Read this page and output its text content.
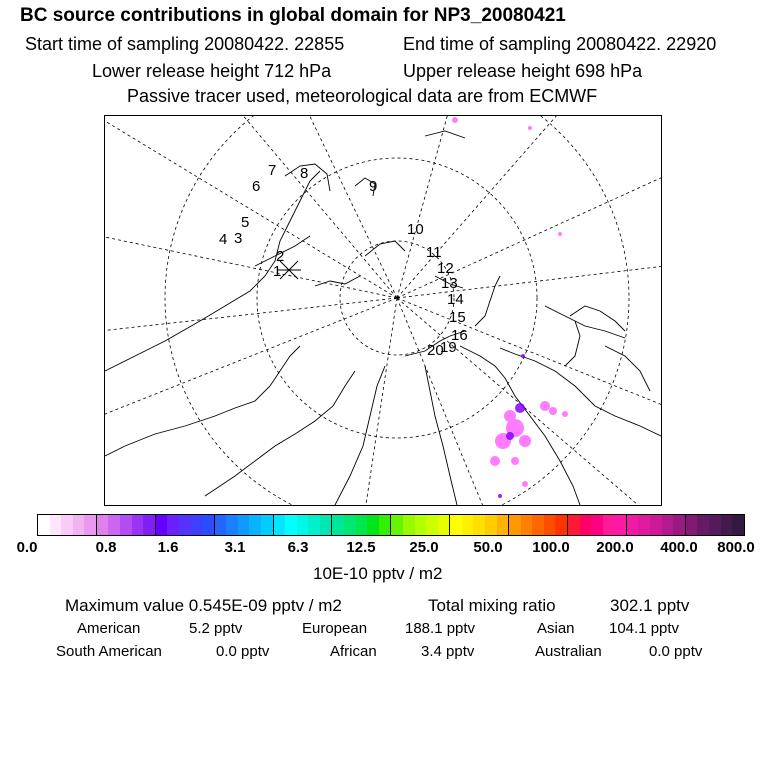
BC source contributions in global domain for NP3_20080421
Start time of sampling 20080422. 22855	End time of sampling 20080422. 22920
Lower release height 712 hPa	Upper release height 698 hPa
Passive tracer used, meteorological data are from ECMWF
1
2
3
4
5
6
7 8
9
10
11
12
13
14
15
16
19
20
0.0	0.8	1.6	3.1	6.3	12.5 25.0 50.0 100.0 200.0 400.0 800.0
10E-10 pptv / m2
Maximum value 0.545E-09 pptv / m2	Total mixing ratio	302.1 pptv
American	5.2 pptv	European	188.1 pptv	Asian 104.1 pptv
South American	0.0 pptv	African	3.4 pptv	Australian	0.0 pptv
